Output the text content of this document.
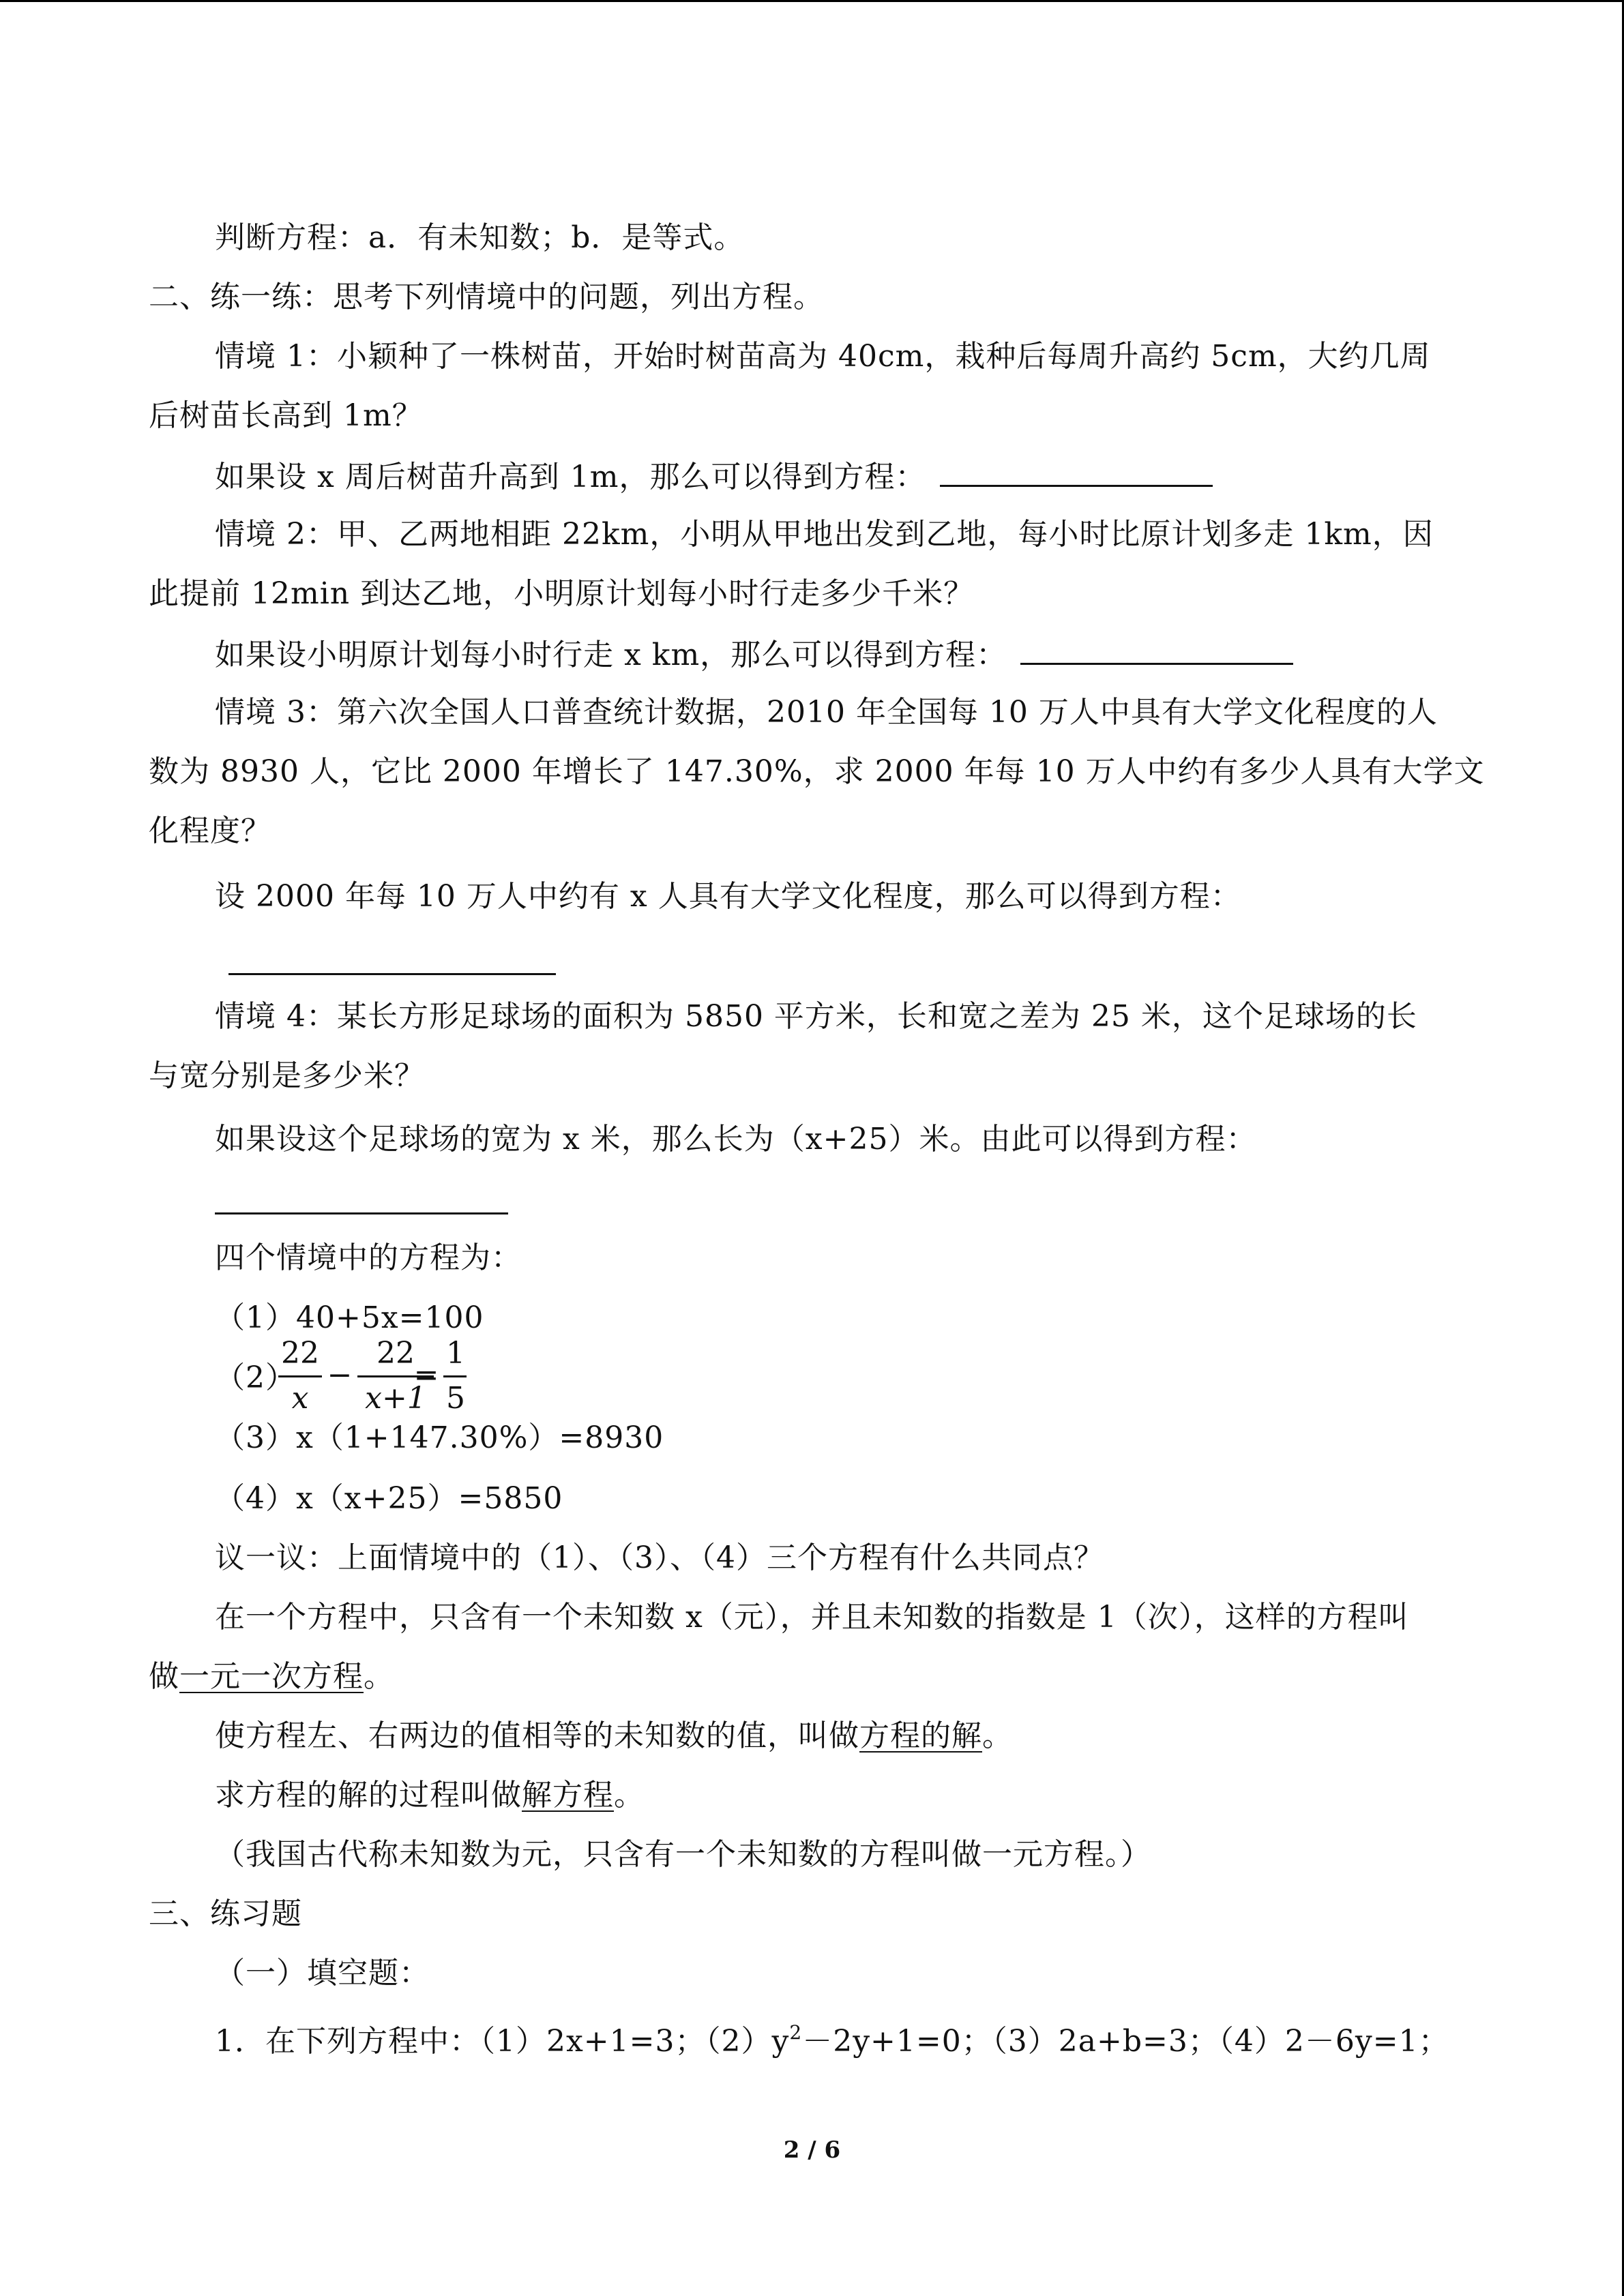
判断方程：a．有未知数；b．是等式。
二、练一练：思考下列情境中的问题，列出方程。
情境 1：小颖种了一株树苗，开始时树苗高为 40cm，栽种后每周升高约 5cm，大约几周
后树苗长高到 1m？
如果设 x 周后树苗升高到 1m，那么可以得到方程：
情境 2：甲、乙两地相距 22km，小明从甲地出发到乙地，每小时比原计划多走 1km，因
此提前 12min 到达乙地，小明原计划每小时行走多少千米？
如果设小明原计划每小时行走 x km，那么可以得到方程：
情境 3：第六次全国人口普查统计数据，2010 年全国每 10 万人中具有大学文化程度的人
数为 8930 人，它比 2000 年增长了 147.30%，求 2000 年每 10 万人中约有多少人具有大学文
化程度？
设 2000 年每 10 万人中约有 x 人具有大学文化程度，那么可以得到方程：
情境 4：某长方形足球场的面积为 5850 平方米，长和宽之差为 25 米，这个足球场的长
与宽分别是多少米？
如果设这个足球场的宽为 x 米，那么长为（x+25）米。由此可以得到方程：
四个情境中的方程为：
（1）40+5x=100
（2）
22
x
−
22
x+1
=
1
5
（3）x（1+147.30%）=8930
（4）x（x+25）=5850
议一议：上面情境中的（1）、（3）、（4）三个方程有什么共同点？
在一个方程中，只含有一个未知数 x（元），并且未知数的指数是 1（次），这样的方程叫
做一元一次方程。
使方程左、右两边的值相等的未知数的值，叫做方程的解。
求方程的解的过程叫做解方程。
（我国古代称未知数为元，只含有一个未知数的方程叫做一元方程。）
三、练习题
（一）填空题：
1．在下列方程中：（1）2x+1=3；$(2)y^2-2y+1=0$；（3）2a+b=3；（4）2－6y=1；
2 / 6
